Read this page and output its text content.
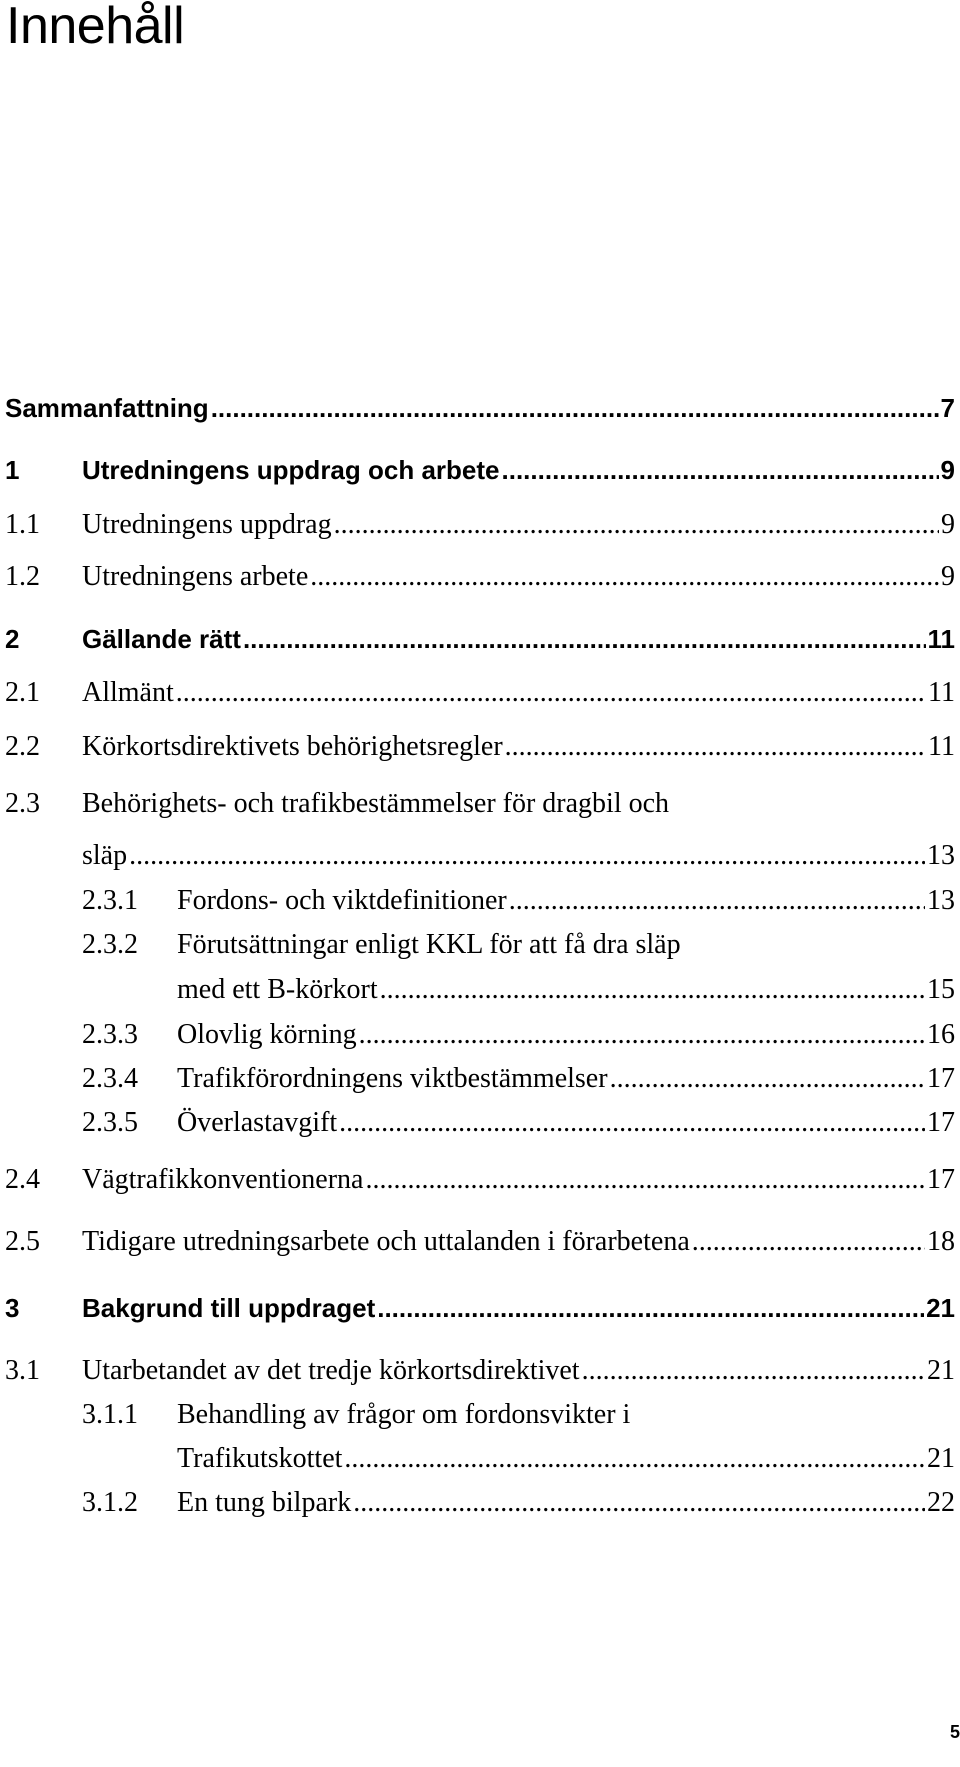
Innehåll
Sammanfattning .....	7
1	Utredningens uppdrag och arbete .....	9
1.1	Utredningens uppdrag .....	9
1.2	Utredningens arbete .....	9
2	Gällande rätt .....	11
2.1	Allmänt .....	11
2.2	Körkortsdirektivets behörighetsregler .....	11
2.3 Behörighets- och trafikbestämmelser för dragbil och
släp .....	13
2.3.1	Fordons- och viktdefinitioner .....	13
2.3.2 Förutsättningar enligt KKL för att få dra släp
med ett B-körkort .....	15
2.3.3	Olovlig körning .....	16
2.3.4	Trafikförordningens viktbestämmelser .....	17
2.3.5	Överlastavgift .....	17
2.4	Vägtrafikkonventionerna .....	17
2.5	Tidigare utredningsarbete och uttalanden i förarbetena .....	18
3	Bakgrund till uppdraget .....	21
3.1	Utarbetandet av det tredje körkortsdirektivet .....	21
3.1.1 Behandling av frågor om fordonsvikter i
Trafikutskottet .....	21
3.1.2	En tung bilpark .....	22
5
